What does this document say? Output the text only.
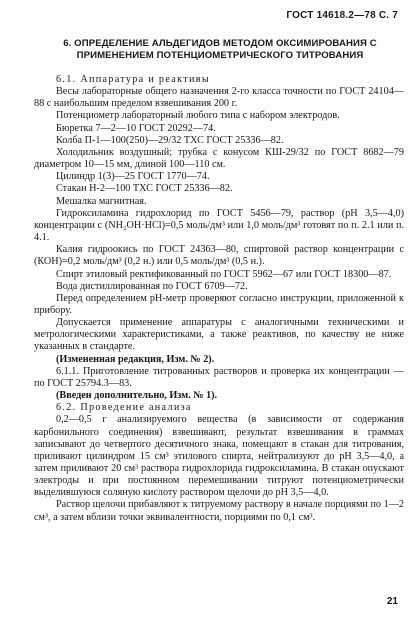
ГОСТ 14618.2—78 С. 7
6. ОПРЕДЕЛЕНИЕ АЛЬДЕГИДОВ МЕТОДОМ ОКСИМИРОВАНИЯ С
ПРИМЕНЕНИЕМ ПОТЕНЦИОМЕТРИЧЕСКОГО ТИТРОВАНИЯ

6.1. Аппаратура и реактивы

Весы лабораторные общего назначения 2-го класса точности по ГОСТ 24104—88 с наибольшим пределом взвешивания 200 г.

Потенциометр лабораторный любого типа с набором электродов.

Бюретка 7—2—10 ГОСТ 20292—74.

Колба П-1—100(250)—29/32 ТХС ГОСТ 25336—82.

Холодильник воздушный; трубка с конусом КШ-29/32 по ГОСТ 8682—79 диаметром 10—15 мм, длиной 100—110 см.

Цилиндр 1(3)—25 ГОСТ 1770—74.

Стакан Н-2—100 ТХС ГОСТ 25336—82.

Мешалка магнитная.

Гидроксиламина гидрохлорид по ГОСТ 5456—79, раствор (рН 3,5—4,0) концентрации с (NH₂OH·HCl)=0,5 моль/дм³ или 1,0 моль/дм³ готовят по п. 2.1 или п. 4.1.

Калия гидроокись по ГОСТ 24363—80, спиртовой раствор концентрации с (КОН)=0,2 моль/дм³ (0,2 н.) или 0,5 моль/дм³ (0,5 н.).

Спирт этиловый ректификованный по ГОСТ 5962—67 или ГОСТ 18300—87.

Вода дистиллированная по ГОСТ 6709—72.

Перед определением рН-метр проверяют согласно инструкции, приложенной к прибору.

Допускается применение аппаратуры с аналогичными техническими и метрологическими характеристиками, а также реактивов, по качеству не ниже указанных в стандарте.

(Измененная редакция, Изм. № 2).

6.1.1. Приготовление титрованных растворов и проверка их концентрации — по ГОСТ 25794.3—83.

(Введен дополнительно, Изм. № 1).

6.2. Проведение анализа

0,2—0,5 г анализируемого вещества (в зависимости от содержания карбонильного соединения) взвешивают, результат взвешивания в граммах записывают до четвертого десятичного знака, помещают в стакан для титрования, приливают цилиндром 15 см³ этилового спирта, нейтрализуют до рН 3,5—4,0, а затем приливают 20 см³ раствора гидрохлорида гидроксиламина. В стакан опускают электроды и при постоянном перемешивании титруют потенциометрически выделившуюся соляную кислоту раствором щелочи до рН 3,5—4,0.

Раствор щелочи прибавляют к титруемому раствору в начале порциями по 1—2 см³, а затем вблизи точки эквивалентности, порциями по 0,1 см³.

21
